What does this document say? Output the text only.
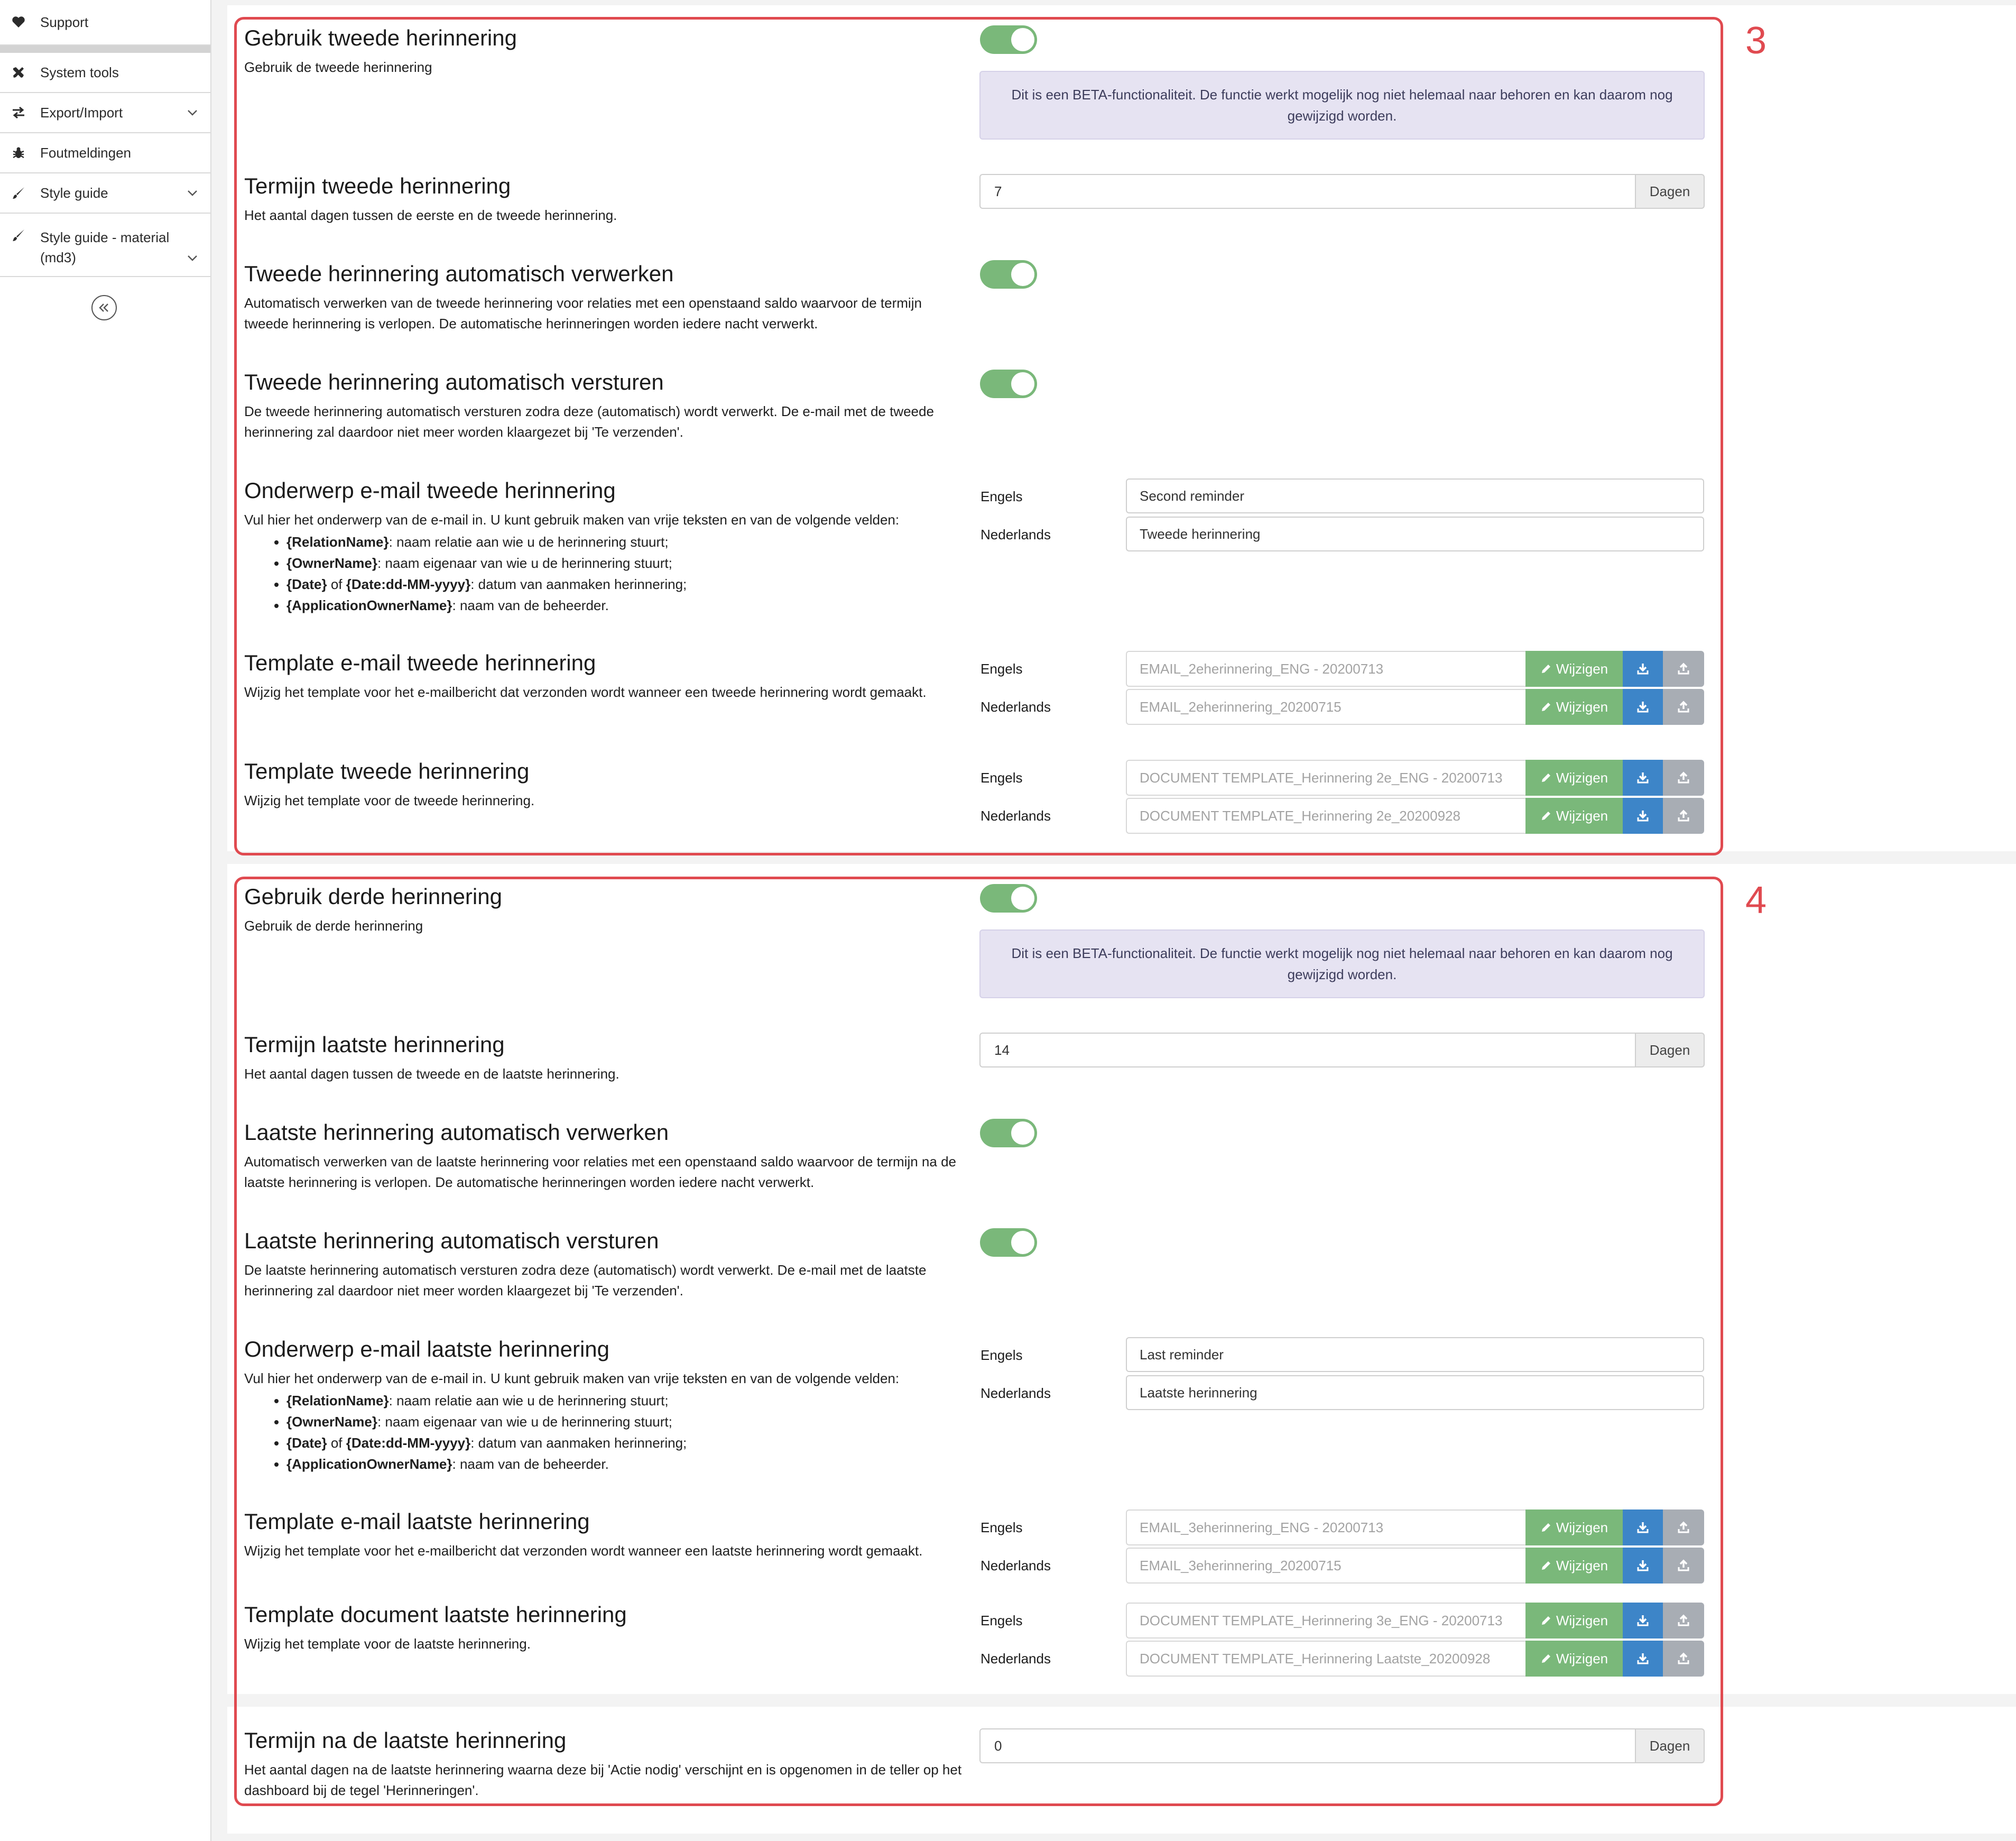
Support
System tools
Export/Import
Foutmeldingen
Style guide
Style guide - material (md3)
3
4
Gebruik tweede herinnering
Gebruik de tweede herinnering
Dit is een BETA-functionaliteit. De functie werkt mogelijk nog niet helemaal naar behoren en kan daarom nog gewijzigd worden.
Termijn tweede herinnering
Het aantal dagen tussen de eerste en de tweede herinnering.
7	Dagen
Tweede herinnering automatisch verwerken
Automatisch verwerken van de tweede herinnering voor relaties met een openstaand saldo waarvoor de termijn tweede herinnering is verlopen. De automatische herinneringen worden iedere nacht verwerkt.
Tweede herinnering automatisch versturen
De tweede herinnering automatisch versturen zodra deze (automatisch) wordt verwerkt. De e-mail met de tweede herinnering zal daardoor niet meer worden klaargezet bij 'Te verzenden'.
Onderwerp e-mail tweede herinnering
Vul hier het onderwerp van de e-mail in. U kunt gebruik maken van vrije teksten en van de volgende velden:
• {RelationName}: naam relatie aan wie u de herinnering stuurt;
• {OwnerName}: naam eigenaar van wie u de herinnering stuurt;
• {Date} of {Date:dd-MM-yyyy}: datum van aanmaken herinnering;
• {ApplicationOwnerName}: naam van de beheerder.
Engels	Second reminder
Nederlands	Tweede herinnering
Template e-mail tweede herinnering
Wijzig het template voor het e-mailbericht dat verzonden wordt wanneer een tweede herinnering wordt gemaakt.
Engels	EMAIL_2eherinnering_ENG - 20200713	Wijzigen
Nederlands	EMAIL_2eherinnering_20200715	Wijzigen
Template tweede herinnering
Wijzig het template voor de tweede herinnering.
Engels	DOCUMENT TEMPLATE_Herinnering 2e_ENG - 20200713	Wijzigen
Nederlands	DOCUMENT TEMPLATE_Herinnering 2e_20200928	Wijzigen
Gebruik derde herinnering
Gebruik de derde herinnering
Dit is een BETA-functionaliteit. De functie werkt mogelijk nog niet helemaal naar behoren en kan daarom nog gewijzigd worden.
Termijn laatste herinnering
Het aantal dagen tussen de tweede en de laatste herinnering.
14	Dagen
Laatste herinnering automatisch verwerken
Automatisch verwerken van de laatste herinnering voor relaties met een openstaand saldo waarvoor de termijn na de laatste herinnering is verlopen. De automatische herinneringen worden iedere nacht verwerkt.
Laatste herinnering automatisch versturen
De laatste herinnering automatisch versturen zodra deze (automatisch) wordt verwerkt. De e-mail met de laatste herinnering zal daardoor niet meer worden klaargezet bij 'Te verzenden'.
Onderwerp e-mail laatste herinnering
Vul hier het onderwerp van de e-mail in. U kunt gebruik maken van vrije teksten en van de volgende velden:
• {RelationName}: naam relatie aan wie u de herinnering stuurt;
• {OwnerName}: naam eigenaar van wie u de herinnering stuurt;
• {Date} of {Date:dd-MM-yyyy}: datum van aanmaken herinnering;
• {ApplicationOwnerName}: naam van de beheerder.
Engels	Last reminder
Nederlands	Laatste herinnering
Template e-mail laatste herinnering
Wijzig het template voor het e-mailbericht dat verzonden wordt wanneer een laatste herinnering wordt gemaakt.
Engels	EMAIL_3eherinnering_ENG - 20200713	Wijzigen
Nederlands	EMAIL_3eherinnering_20200715	Wijzigen
Template document laatste herinnering
Wijzig het template voor de laatste herinnering.
Engels	DOCUMENT TEMPLATE_Herinnering 3e_ENG - 20200713	Wijzigen
Nederlands	DOCUMENT TEMPLATE_Herinnering Laatste_20200928	Wijzigen
Termijn na de laatste herinnering
Het aantal dagen na de laatste herinnering waarna deze bij 'Actie nodig' verschijnt en is opgenomen in de teller op het dashboard bij de tegel 'Herinneringen'.
0	Dagen
